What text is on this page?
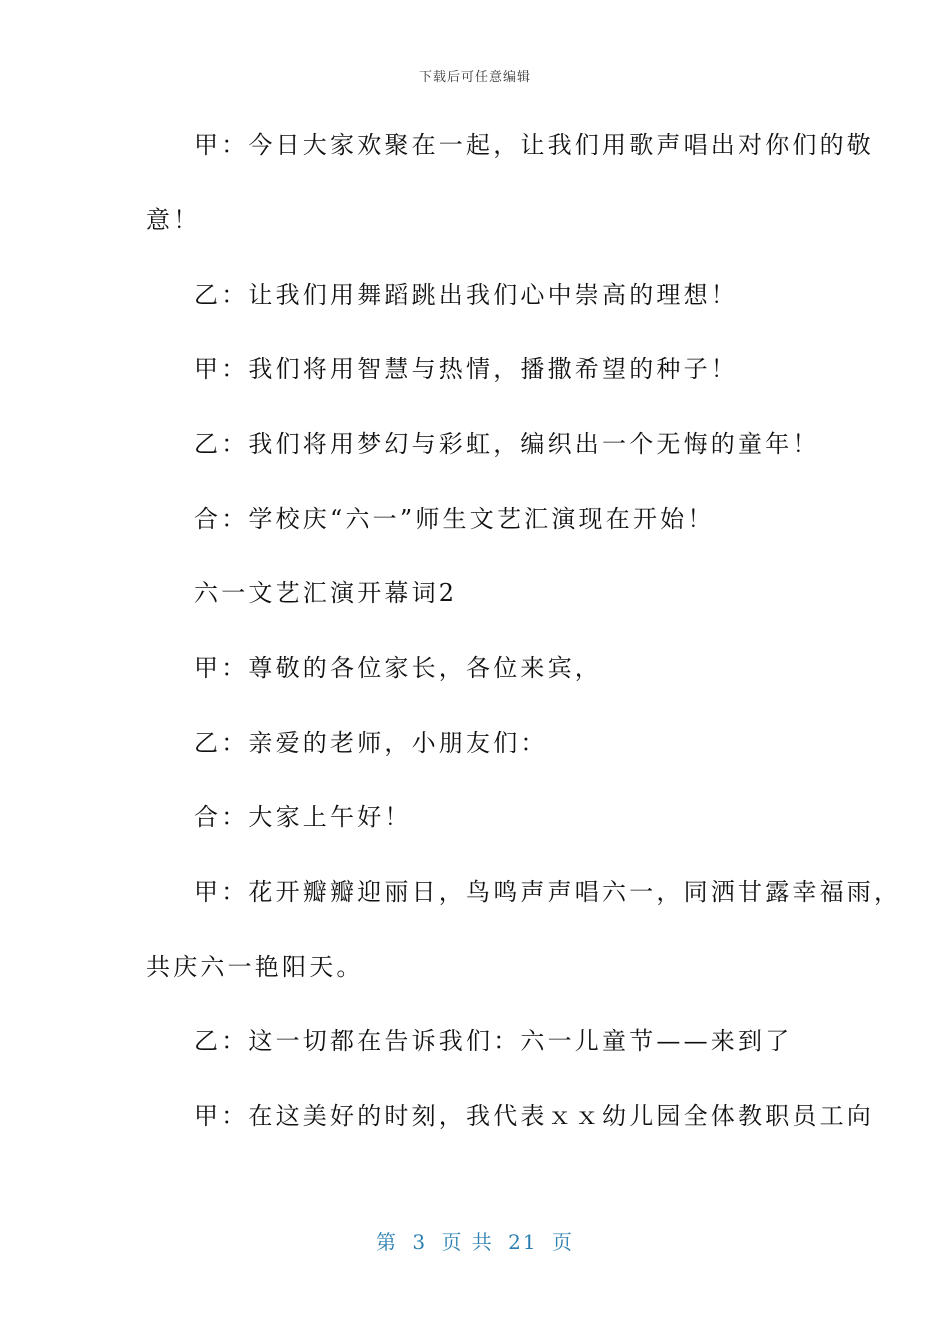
下载后可任意编辑
甲：今日大家欢聚在一起，让我们用歌声唱出对你们的敬
意！
乙：让我们用舞蹈跳出我们心中崇高的理想！
甲：我们将用智慧与热情，播撒希望的种子！
乙：我们将用梦幻与彩虹，编织出一个无悔的童年！
合：学校庆“六一”师生文艺汇演现在开始！
六一文艺汇演开幕词2
甲：尊敬的各位家长，各位来宾，
乙：亲爱的老师，小朋友们：
合：大家上午好！
甲：花开瓣瓣迎丽日，鸟鸣声声唱六一，同洒甘露幸福雨，
共庆六一艳阳天。
乙：这一切都在告诉我们：六一儿童节——来到了
甲：在这美好的时刻，我代表ｘｘ幼儿园全体教职员工向
第 3 页 共 21 页
